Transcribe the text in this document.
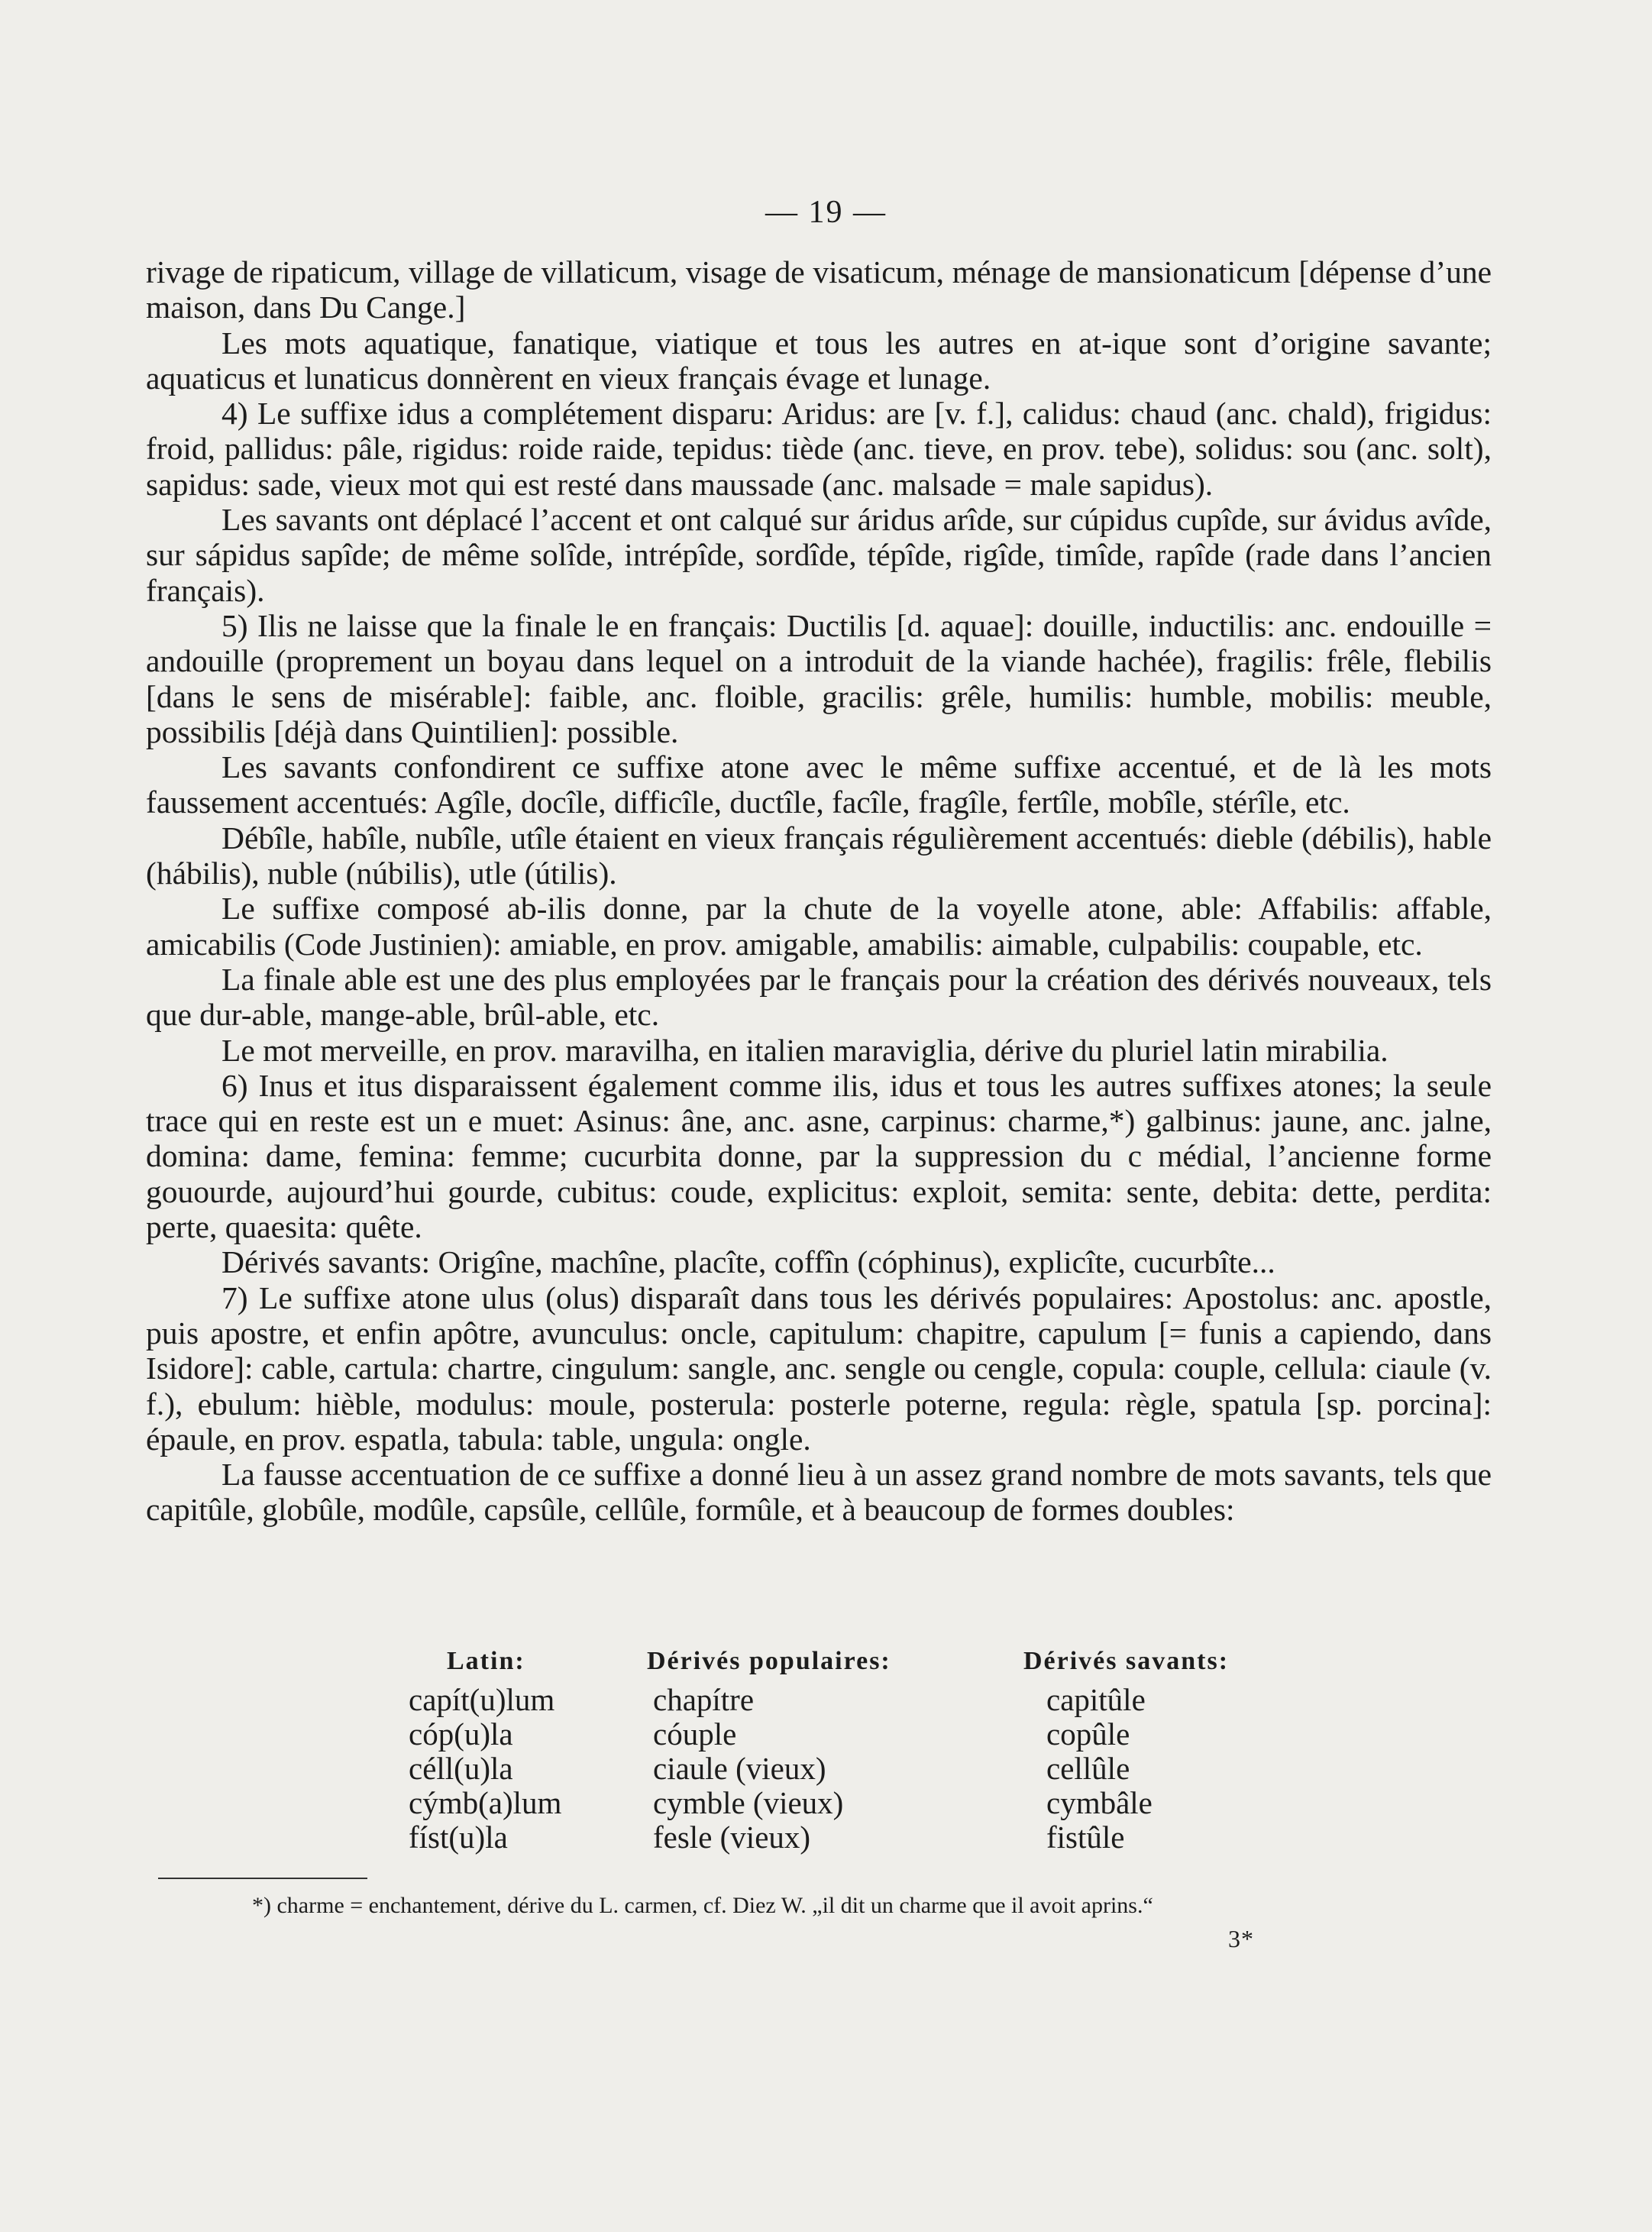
— 19 —

rivage de ripaticum, village de villaticum, visage de visaticum, ménage de mansionaticum [dépense d’une maison, dans Du Cange.]

Les mots aquatique, fanatique, viatique et tous les autres en at-ique sont d’origine savante; aquaticus et lunaticus donnèrent en vieux français évage et lunage.

4) Le suffixe idus a complétement disparu: Aridus: are [v. f.], calidus: chaud (anc. chald), frigidus: froid, pallidus: pâle, rigidus: roide raide, tepidus: tiède (anc. tieve, en prov. tebe), solidus: sou (anc. solt), sapidus: sade, vieux mot qui est resté dans maussade (anc. malsade = male sapidus).

Les savants ont déplacé l’accent et ont calqué sur áridus arîde, sur cúpidus cupîde, sur ávidus avîde, sur sápidus sapîde; de même solîde, intrépîde, sordîde, tépîde, rigîde, timîde, rapîde (rade dans l’ancien français).

5) Ilis ne laisse que la finale le en français: Ductilis [d. aquae]: douille, inductilis: anc. endouille = andouille (proprement un boyau dans lequel on a introduit de la viande hachée), fragilis: frêle, flebilis [dans le sens de misérable]: faible, anc. floible, gracilis: grêle, humilis: humble, mobilis: meuble, possibilis [déjà dans Quintilien]: possible.

Les savants confondirent ce suffixe atone avec le même suffixe accentué, et de là les mots faussement accentués: Agîle, docîle, difficîle, ductîle, facîle, fragîle, fertîle, mobîle, stérîle, etc.

Débîle, habîle, nubîle, utîle étaient en vieux français régulièrement accentués: dieble (débilis), hable (hábilis), nuble (núbilis), utle (útilis).

Le suffixe composé ab-ilis donne, par la chute de la voyelle atone, able: Affabilis: affable, amicabilis (Code Justinien): amiable, en prov. amigable, amabilis: aimable, culpabilis: coupable, etc.

La finale able est une des plus employées par le français pour la création des dérivés nouveaux, tels que dur-able, mange-able, brûl-able, etc.

Le mot merveille, en prov. maravilha, en italien maraviglia, dérive du pluriel latin mirabilia.

6) Inus et itus disparaissent également comme ilis, idus et tous les autres suffixes atones; la seule trace qui en reste est un e muet: Asinus: âne, anc. asne, carpinus: charme,*) galbinus: jaune, anc. jalne, domina: dame, femina: femme; cucurbita donne, par la suppression du c médial, l’ancienne forme gouourde, aujourd’hui gourde, cubitus: coude, explicitus: exploit, semita: sente, debita: dette, perdita: perte, quaesita: quête.

Dérivés savants: Origîne, machîne, placîte, coffîn (cóphinus), explicîte, cucurbîte...

7) Le suffixe atone ulus (olus) disparaît dans tous les dérivés populaires: Apostolus: anc. apostle, puis apostre, et enfin apôtre, avunculus: oncle, capitulum: chapitre, capulum [= funis a capiendo, dans Isidore]: cable, cartula: chartre, cingulum: sangle, anc. sengle ou cengle, copula: couple, cellula: ciaule (v. f.), ebulum: hièble, modulus: moule, posterula: posterle poterne, regula: règle, spatula [sp. porcina]: épaule, en prov. espatla, tabula: table, ungula: ongle.

La fausse accentuation de ce suffixe a donné lieu à un assez grand nombre de mots savants, tels que capitûle, globûle, modûle, capsûle, cellûle, formûle, et à beaucoup de formes doubles:

Latin:
capít(u)lum
cóp(u)la
céll(u)la
cýmb(a)lum
físt(u)la
Dérivés populaires:
chapítre
cóuple
ciaule (vieux)
cymble (vieux)
fesle (vieux)
Dérivés savants:
capitûle
copûle
cellûle
cymbâle
fistûle
*) charme = enchantement, dérive du L. carmen, cf. Diez W. „il dit un charme que il avoit aprins.“
3*
